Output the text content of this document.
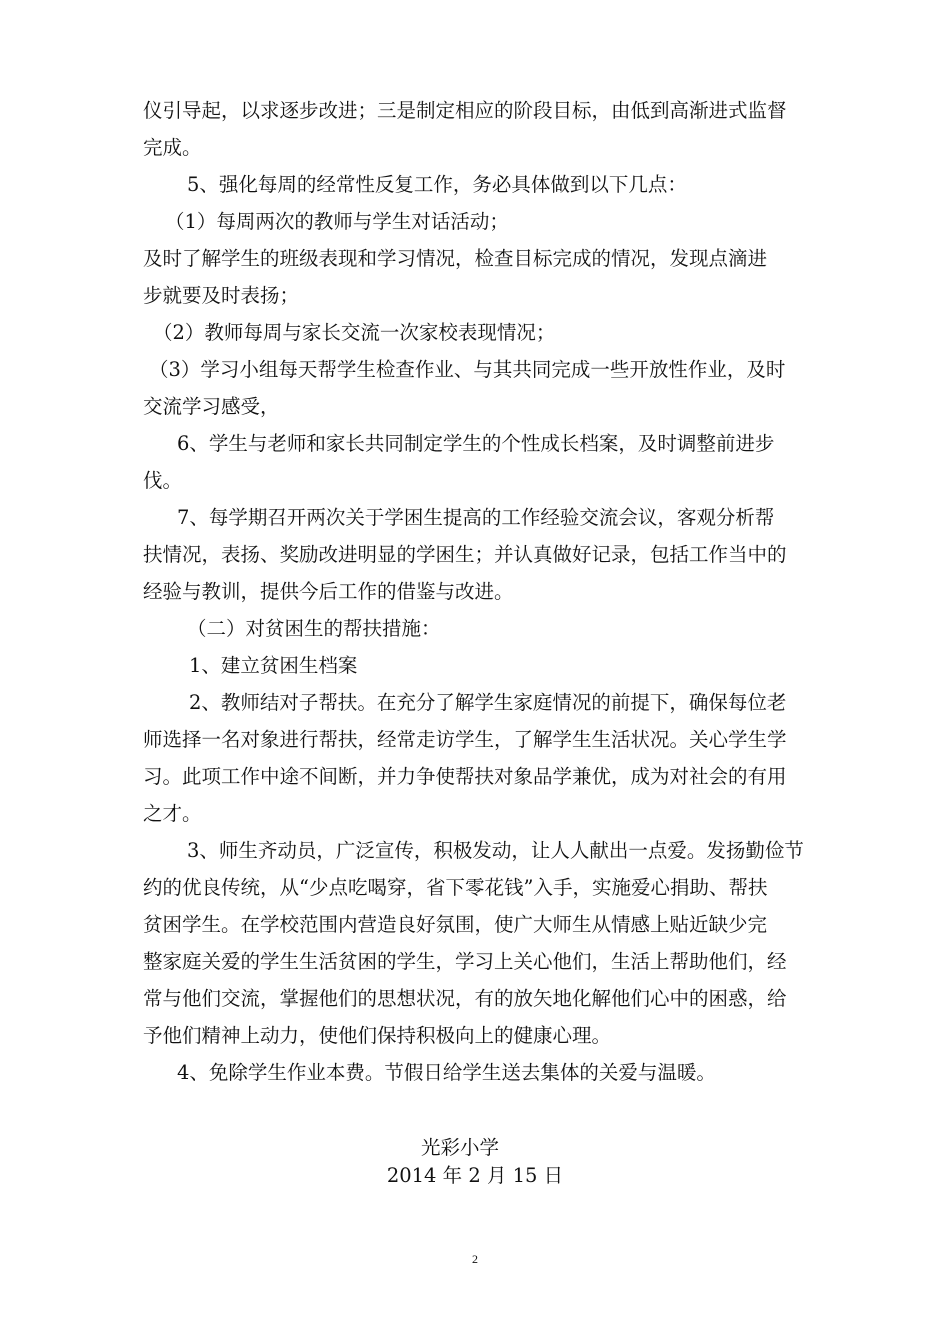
仪引导起，以求逐步改进；三是制定相应的阶段目标，由低到高渐进式监督
完成。
5、强化每周的经常性反复工作，务必具体做到以下几点：
（1）每周两次的教师与学生对话活动；
及时了解学生的班级表现和学习情况，检查目标完成的情况，发现点滴进
步就要及时表扬；
（2）教师每周与家长交流一次家校表现情况；
（3）学习小组每天帮学生检查作业、与其共同完成一些开放性作业，及时
交流学习感受，
6、学生与老师和家长共同制定学生的个性成长档案，及时调整前进步
伐。
7、每学期召开两次关于学困生提高的工作经验交流会议，客观分析帮
扶情况，表扬、奖励改进明显的学困生；并认真做好记录，包括工作当中的
经验与教训，提供今后工作的借鉴与改进。
（二）对贫困生的帮扶措施：
1、建立贫困生档案
2、教师结对子帮扶。在充分了解学生家庭情况的前提下，确保每位老
师选择一名对象进行帮扶，经常走访学生，了解学生生活状况。关心学生学
习。此项工作中途不间断，并力争使帮扶对象品学兼优，成为对社会的有用
之才。
3、师生齐动员，广泛宣传，积极发动，让人人献出一点爱。发扬勤俭节
约的优良传统，从“少点吃喝穿，省下零花钱”入手，实施爱心捐助、帮扶
贫困学生。在学校范围内营造良好氛围，使广大师生从情感上贴近缺少完
整家庭关爱的学生生活贫困的学生，学习上关心他们，生活上帮助他们，经
常与他们交流，掌握他们的思想状况，有的放矢地化解他们心中的困惑，给
予他们精神上动力，使他们保持积极向上的健康心理。
4、免除学生作业本费。节假日给学生送去集体的关爱与温暖。
光彩小学
2014 年 2 月 15 日
2
